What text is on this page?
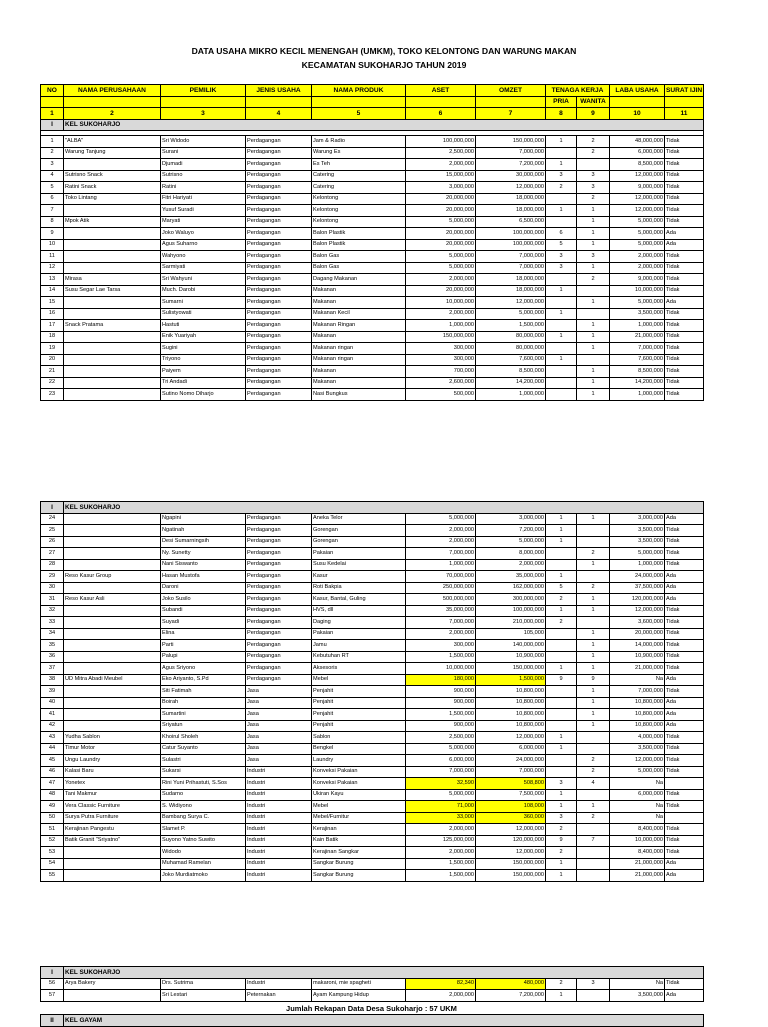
DATA USAHA MIKRO KECIL MENENGAH (UMKM), TOKO KELONTONG DAN WARUNG MAKAN
KECAMATAN SUKOHARJO TAHUN 2019
NO	NAMA PERUSAHAAN	PEMILIK	JENIS USAHA	NAMA PRODUK	ASET	OMZET	TENAGA KERJA		LABA USAHA	SURAT IJIN
							PRIA	WANITA		
1	2	3	4	5	6	7	8	9	10	11
I	KEL SUKOHARJO									

1	"ALBA"	Sri Widodo	Perdagangan	Jam & Radio	100,000,000	150,000,000	1	2	48,000,000	Tidak
2	Warung Tanjung	Surani	Perdagangan	Warung Es	2,500,000	7,000,000		2	6,000,000	Tidak
3		Djumadi	Perdagangan	Es Teh	2,000,000	7,200,000	1		8,500,000	Tidak
4	Sutrisno Snack	Sutrisno	Perdagangan	Catering	15,000,000	30,000,000	3	3	12,000,000	Tidak
5	Ratini Snack	Ratini	Perdagangan	Catering	3,000,000	12,000,000	2	3	9,000,000	Tidak
6	Toko Lintang	Fitri Hariyati	Perdagangan	Kelontong	20,000,000	18,000,000		2	12,000,000	Tidak
7		Yusuf Suradi	Perdagangan	Kelontong	20,000,000	18,000,000	1	1	12,000,000	Tidak
8	Mpok Atik	Maryati	Perdagangan	Kelontong	5,000,000	6,500,000		1	5,000,000	Tidak
9		Joko Waluyo	Perdagangan	Balon Plastik	20,000,000	100,000,000	6	1	5,000,000	Ada
10		Agus Suharno	Perdagangan	Balon Plastik	20,000,000	100,000,000	5	1	5,000,000	Ada
11		Wahyono	Perdagangan	Balon Gas	5,000,000	7,000,000	3	3	2,000,000	Tidak
12		Sarmiyati	Perdagangan	Balon Gas	5,000,000	7,000,000	3	1	2,000,000	Tidak
13	Mirasa	Sri Wahyuni	Perdagangan	Dagang Makanan	2,000,000	18,000,000		2	9,000,000	Tidak
14	Susu Segar Lae Tarsa	Much. Darobi	Perdagangan	Makanan	20,000,000	18,000,000	1		10,000,000	Tidak
15		Sumarni	Perdagangan	Makanan	10,000,000	12,000,000		1	5,000,000	Ada
16		Sulistyowati	Perdagangan	Makanan Kecil	2,000,000	5,000,000	1		3,500,000	Tidak
17	Snack Pratama	Hastuti	Perdagangan	Makanan Ringan	1,000,000	1,500,000		1	1,000,000	Tidak
18		Enik Yuariyah	Perdagangan	Makanan	150,000,000	80,000,000	1	1	21,000,000	Tidak
19		Sugini	Perdagangan	Makanan ringan	300,000	80,000,000		1	7,000,000	Tidak
20		Triyono	Perdagangan	Makanan ringan	300,000	7,600,000	1		7,600,000	Tidak
21		Paiyem	Perdagangan	Makanan	700,000	8,500,000		1	8,500,000	Tidak
22		Tri Andadi	Perdagangan	Makanan	2,600,000	14,200,000		1	14,200,000	Tidak
23		Sutino Nomo Diharjo	Perdagangan	Nasi Bungkus	500,000	1,000,000		1	1,000,000	Tidak
I	KEL SUKOHARJO									
24		Ngapini	Perdagangan	Aneka Telor	5,000,000	3,000,000	1	1	3,000,000	Ada
25		Ngatinah	Perdagangan	Gorengan	2,000,000	7,200,000	1		3,500,000	Tidak
26		Desi Sumarningsih	Perdagangan	Gorengan	2,000,000	5,000,000	1		3,500,000	Tidak
27		Ny. Sunetty	Perdagangan	Pakaian	7,000,000	8,000,000		2	5,000,000	Tidak
28		Nani Siswanto	Perdagangan	Susu Kedelai	1,000,000	2,000,000		1	1,000,000	Tidak
29	Reso Kasur Group	Hasan Mustofa	Perdagangan	Kasur	70,000,000	35,000,000	1		24,000,000	Ada
30		Daroni	Perdagangan	Roti Bakpia	250,000,000	162,000,000	5	2	37,500,000	Ada
31	Reso Kasur Asli	Joko Susilo	Perdagangan	Kasur, Bantal, Guling	500,000,000	300,000,000	2	1	120,000,000	Ada
32		Subandi	Perdagangan	HVS, dll	35,000,000	100,000,000	1	1	12,000,000	Tidak
33		Suyadi	Perdagangan	Daging	7,000,000	210,000,000	2		3,600,000	Tidak
34		Elina	Perdagangan	Pakaian	2,000,000	105,000		1	20,000,000	Tidak
35		Parti	Perdagangan	Jamu	300,000	140,000,000		1	14,000,000	Tidak
36		Palupi	Perdagangan	Kebutuhan RT	1,500,000	10,900,000		1	10,900,000	Tidak
37		Agus Sriyono	Perdagangan	Aksesoris	10,000,000	150,000,000	1	1	21,000,000	Tidak
38	UD Mitra Abadi Meubel	Eko Ariyanto, S.Pd	Perdagangan	Mebel	180,000	1,500,000	9	9	Na	Ada
39		Siti Fatimah	Jasa	Penjahit	900,000	10,800,000		1	7,000,000	Tidak
40		Boirah	Jasa	Penjahit	900,000	10,800,000		1	10,800,000	Ada
41		Sumartini	Jasa	Penjahit	1,500,000	10,800,000		1	10,800,000	Ada
42		Sriyatun	Jasa	Penjahit	900,000	10,800,000		1	10,800,000	Ada
43	Yudha Sablon	Khoirul Sholeh	Jasa	Sablon	2,500,000	12,000,000	1		4,000,000	Tidak
44	Timur Motor	Catur Suyanto	Jasa	Bengkel	5,000,000	6,000,000	1		3,500,000	Tidak
45	Ungu Laundry	Sulastri	Jasa	Laundry	6,000,000	24,000,000		2	12,000,000	Tidak
46	Kalasi Baru	Sukarsi	Industri	Konveksi Pakaian	7,000,000	7,000,000		2	5,000,000	Tidak
47	Yonetex	Rini Yuni Prihastuti, S.Sos	Industri	Konveksi Pakaian	32,590	508,800	3	4	Na	
48	Tani Makmur	Sudarno	Industri	Ukiran Kayu	5,000,000	7,500,000	1		6,000,000	Tidak
49	Vera Classic Furniture	S. Widiyono	Industri	Mebel	71,000	108,000	1	1	Na	Tidak
50	Surya Putra Furniture	Bambang Surya C.	Industri	Mebel/Furnitur	33,000	360,000	3	2	Na	
51	Kerajinan Pangestu	Slamet P.	Industri	Kerajinan	2,000,000	12,000,000	2		8,400,000	Tidak
52	Batik Granit "Sriyatno"	Suyono Yatno Suwito	Industri	Kain Batik	125,000,000	120,000,000	9	7	10,000,000	Tidak
53		Widodo	Industri	Kerajinan Sangkar	2,000,000	12,000,000	2		8,400,000	Tidak
54		Muhamad Ramelan	Industri	Sangkar Burung	1,500,000	150,000,000	1		21,000,000	Ada
55		Joko Murdiatmoko	Industri	Sangkar Burung	1,500,000	150,000,000	1		21,000,000	Ada
I	KEL SUKOHARJO									
56	Arya Bakery	Drs. Sutrima	Industri	makaroni, mie spagheti	82,340	480,000	2	3	Na	Tidak
57		Sri Lestari	Peternakan	Ayam Kampung Hidup	2,000,000	7,200,000	1		3,500,000	Ada
Jumlah Rekapan Data Desa Sukoharjo : 57 UKM
II	KEL GAYAM
